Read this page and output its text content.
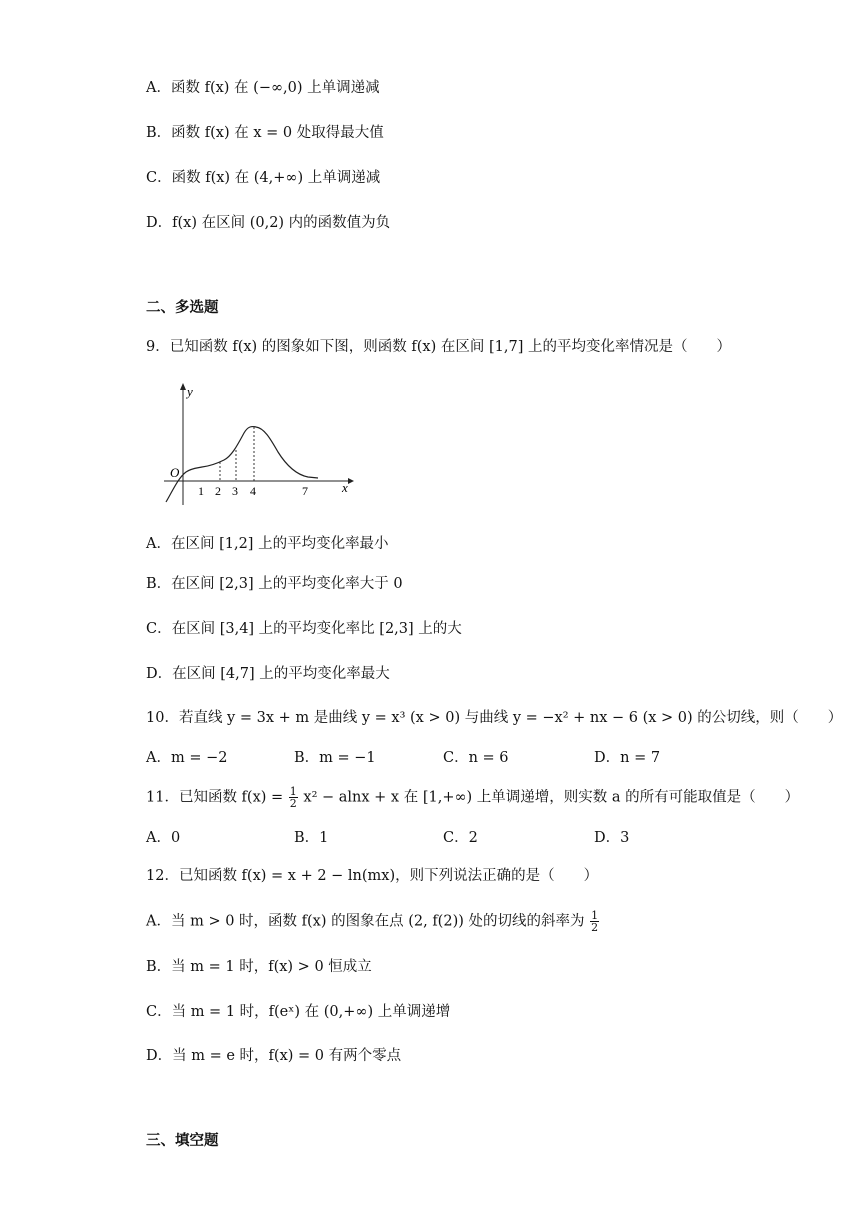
A．函数 f(x) 在 (−∞,0) 上单调递减
B．函数 f(x) 在 x = 0 处取得最大值
C．函数 f(x) 在 (4,+∞) 上单调递减
D．f(x) 在区间 (0,2) 内的函数值为负
二、多选题
9．已知函数 f(x) 的图象如下图，则函数 f(x) 在区间 [1,7] 上的平均变化率情况是（　　）
y
x
O
1 2 3 4	7
A．在区间 [1,2] 上的平均变化率最小
B．在区间 [2,3] 上的平均变化率大于 0
C．在区间 [3,4] 上的平均变化率比 [2,3] 上的大
D．在区间 [4,7] 上的平均变化率最大
10．若直线 y = 3x + m 是曲线 y = x³ (x > 0) 与曲线 y = −x² + nx − 6 (x > 0) 的公切线，则（　　）
A．m = −2	B．m = −1	C．n = 6	D．n = 7
11．已知函数 $f(x) = \frac{1}{2} x^2 - alnx + x$ 在 [1,+∞) 上单调递增，则实数 a 的所有可能取值是（　　）
A．0	B．1	C．2	D．3
12．已知函数 f(x) = x + 2 − ln(mx)，则下列说法正确的是（　　）
A．当 m > 0 时，函数 f(x) 的图象在点 (2, f(2)) 处的切线的斜率为 $\frac{1}{2}$
B．当 m = 1 时，f(x) > 0 恒成立
C．当 m = 1 时，f(eˣ) 在 (0,+∞) 上单调递增
D．当 m = e 时，f(x) = 0 有两个零点
三、填空题
